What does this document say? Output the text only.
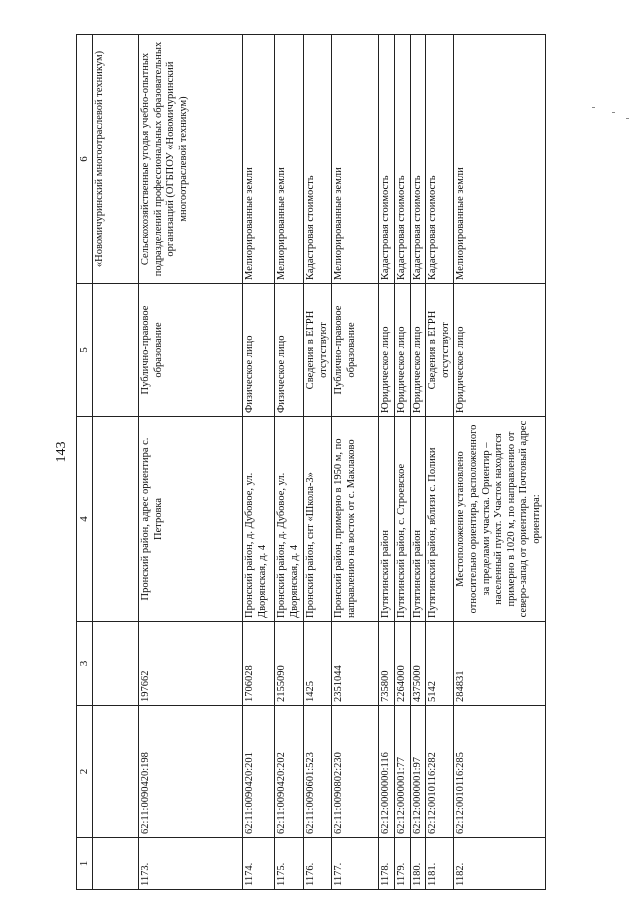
143
1	2	3	4	5	6
					«Новомичуринский многоотраслевой техникум)
1173.	62:11:0090420:198	197662	Пронский район, адрес ориентира с. Петровка	Публично-правовое образование	Сельскохозяйственные угодья учебно-опытных подразделений профессиональных образовательных организаций (ОГБПОУ «Новомичуринский многоотраслевой техникум)
1174.	62:11:0090420:201	1706028	Пронский район, д. Дубовое, ул. Дворянская, д. 4	Физическое лицо	Мелиорированные земли
1175.	62:11:0090420:202	2155090	Пронский район, д. Дубовое, ул. Дворянская, д. 4	Физическое лицо	Мелиорированные земли
1176.	62:11:0090601:523	1425	Пронский район, снт «Школа-3»	Сведения в ЕГРН отсутствуют	Кадастровая стоимость
1177.	62:11:0090802:230	2351044	Пронский район, примерно в 1950 м, по направлению на восток от с. Маклаково	Публично-правовое образование	Мелиорированные земли
1178.	62:12:0000000:116	735800	Путятинский район	Юридическое лицо	Кадастровая стоимость
1179.	62:12:0000001:77	2264000	Путятинский район, с. Строевское	Юридическое лицо	Кадастровая стоимость
1180.	62:12:0000001:97	4375000	Путятинский район	Юридическое лицо	Кадастровая стоимость
1181.	62:12:0010116:282	5142	Путятинский район, вблизи с. Полики	Сведения в ЕГРН отсутствуют	Кадастровая стоимость
1182.	62:12:0010116:285	284831	Местоположение установлено относительно ориентира, расположенного за пределами участка. Ориентир – населенный пункт. Участок находится примерно в 1020 м, по направлению от северо-запад от ориентира. Почтовый адрес ориентира:	Юридическое лицо	Мелиорированные земли
